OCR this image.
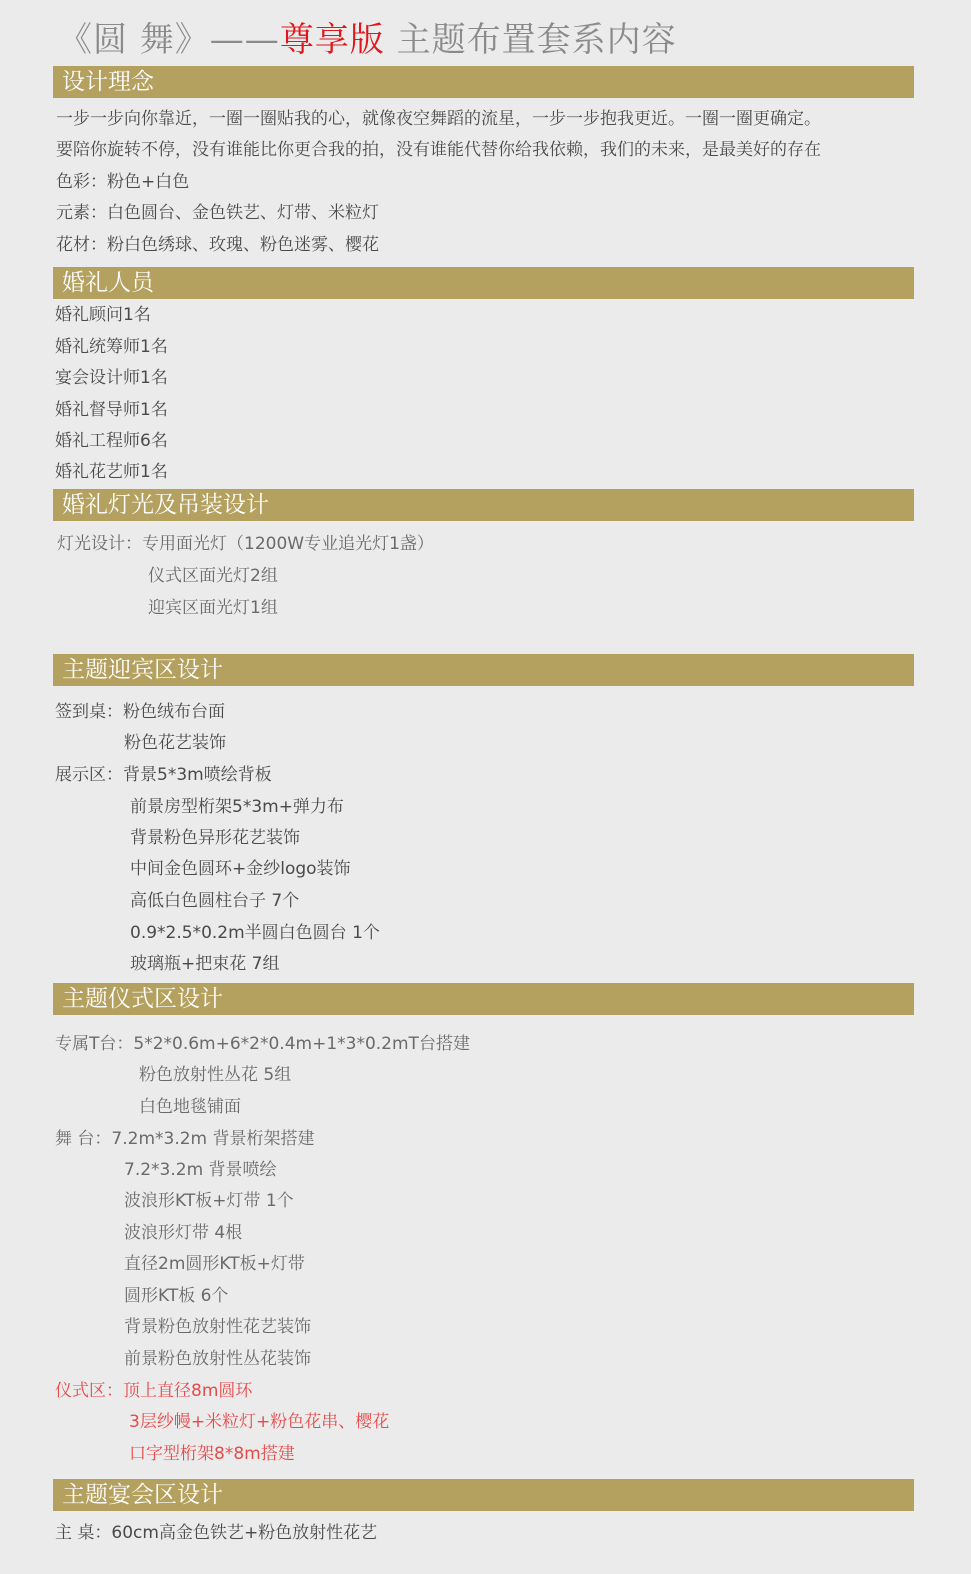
《圆 舞》——尊享版 主题布置套系内容
设计理念
一步一步向你靠近，一圈一圈贴我的心，就像夜空舞蹈的流星，一步一步抱我更近。一圈一圈更确定。
要陪你旋转不停，没有谁能比你更合我的拍，没有谁能代替你给我依赖，我们的未来，是最美好的存在
色彩：粉色+白色
元素：白色圆台、金色铁艺、灯带、米粒灯
花材：粉白色绣球、玫瑰、粉色迷雾、樱花
婚礼人员
婚礼顾问1名
婚礼统筹师1名
宴会设计师1名
婚礼督导师1名
婚礼工程师6名
婚礼花艺师1名
婚礼灯光及吊装设计
灯光设计：专用面光灯（1200W专业追光灯1盏）
仪式区面光灯2组
迎宾区面光灯1组
主题迎宾区设计
签到桌：粉色绒布台面
粉色花艺装饰
展示区：背景5*3m喷绘背板
前景房型桁架5*3m+弹力布
背景粉色异形花艺装饰
中间金色圆环+金纱logo装饰
高低白色圆柱台子 7个
0.9*2.5*0.2m半圆白色圆台 1个
玻璃瓶+把束花 7组
主题仪式区设计
专属T台：5*2*0.6m+6*2*0.4m+1*3*0.2mT台搭建
粉色放射性丛花 5组
白色地毯铺面
舞 台：7.2m*3.2m 背景桁架搭建
7.2*3.2m 背景喷绘
波浪形KT板+灯带 1个
波浪形灯带 4根
直径2m圆形KT板+灯带
圆形KT板 6个
背景粉色放射性花艺装饰
前景粉色放射性丛花装饰
仪式区：顶上直径8m圆环
3层纱幔+米粒灯+粉色花串、樱花
口字型桁架8*8m搭建
主题宴会区设计
主 桌：60cm高金色铁艺+粉色放射性花艺
